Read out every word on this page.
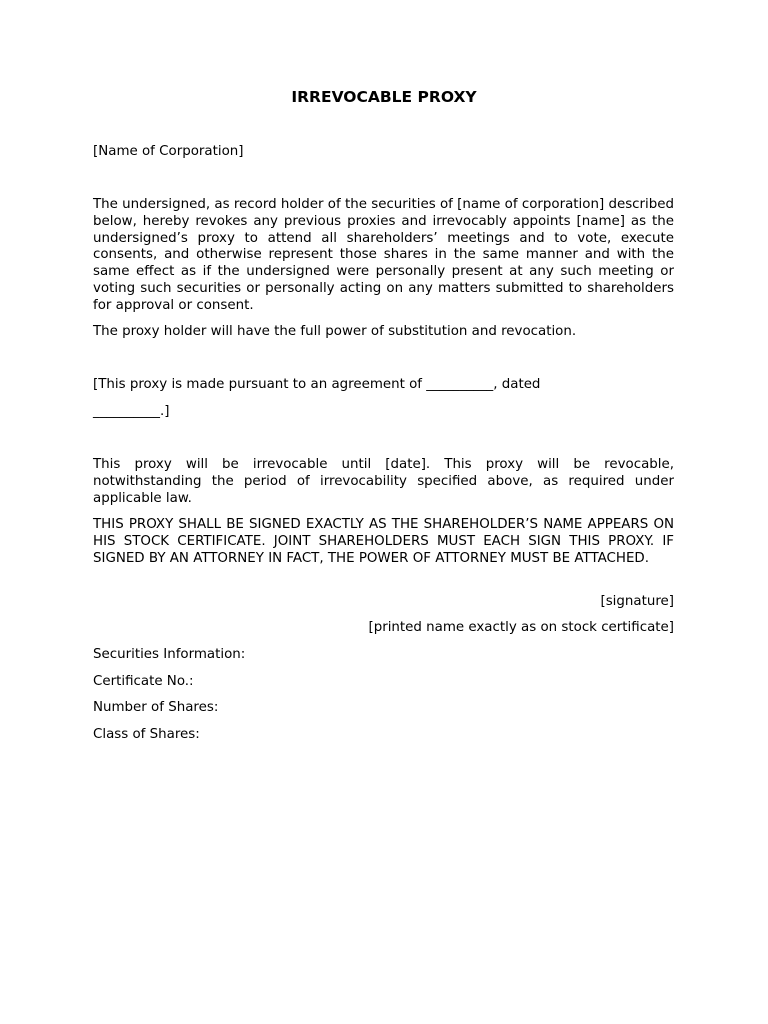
IRREVOCABLE PROXY

[Name of Corporation]

The undersigned, as record holder of the securities of [name of corporation] described below, hereby revokes any previous proxies and irrevocably appoints [name] as the undersigned’s proxy to attend all shareholders’ meetings and to vote, execute consents, and otherwise represent those shares in the same manner and with the same effect as if the undersigned were personally present at any such meeting or voting such securities or personally acting on any matters submitted to shareholders for approval or consent.

The proxy holder will have the full power of substitution and revocation.

[This proxy is made pursuant to an agreement of __________, dated

__________.]

This proxy will be irrevocable until [date]. This proxy will be revocable, notwithstanding the period of irrevocability specified above, as required under applicable law.

THIS PROXY SHALL BE SIGNED EXACTLY AS THE SHAREHOLDER’S NAME APPEARS ON HIS STOCK CERTIFICATE. JOINT SHAREHOLDERS MUST EACH SIGN THIS PROXY. IF SIGNED BY AN ATTORNEY IN FACT, THE POWER OF ATTORNEY MUST BE ATTACHED.

[signature]

[printed name exactly as on stock certificate]

Securities Information:

Certificate No.:

Number of Shares:

Class of Shares:
